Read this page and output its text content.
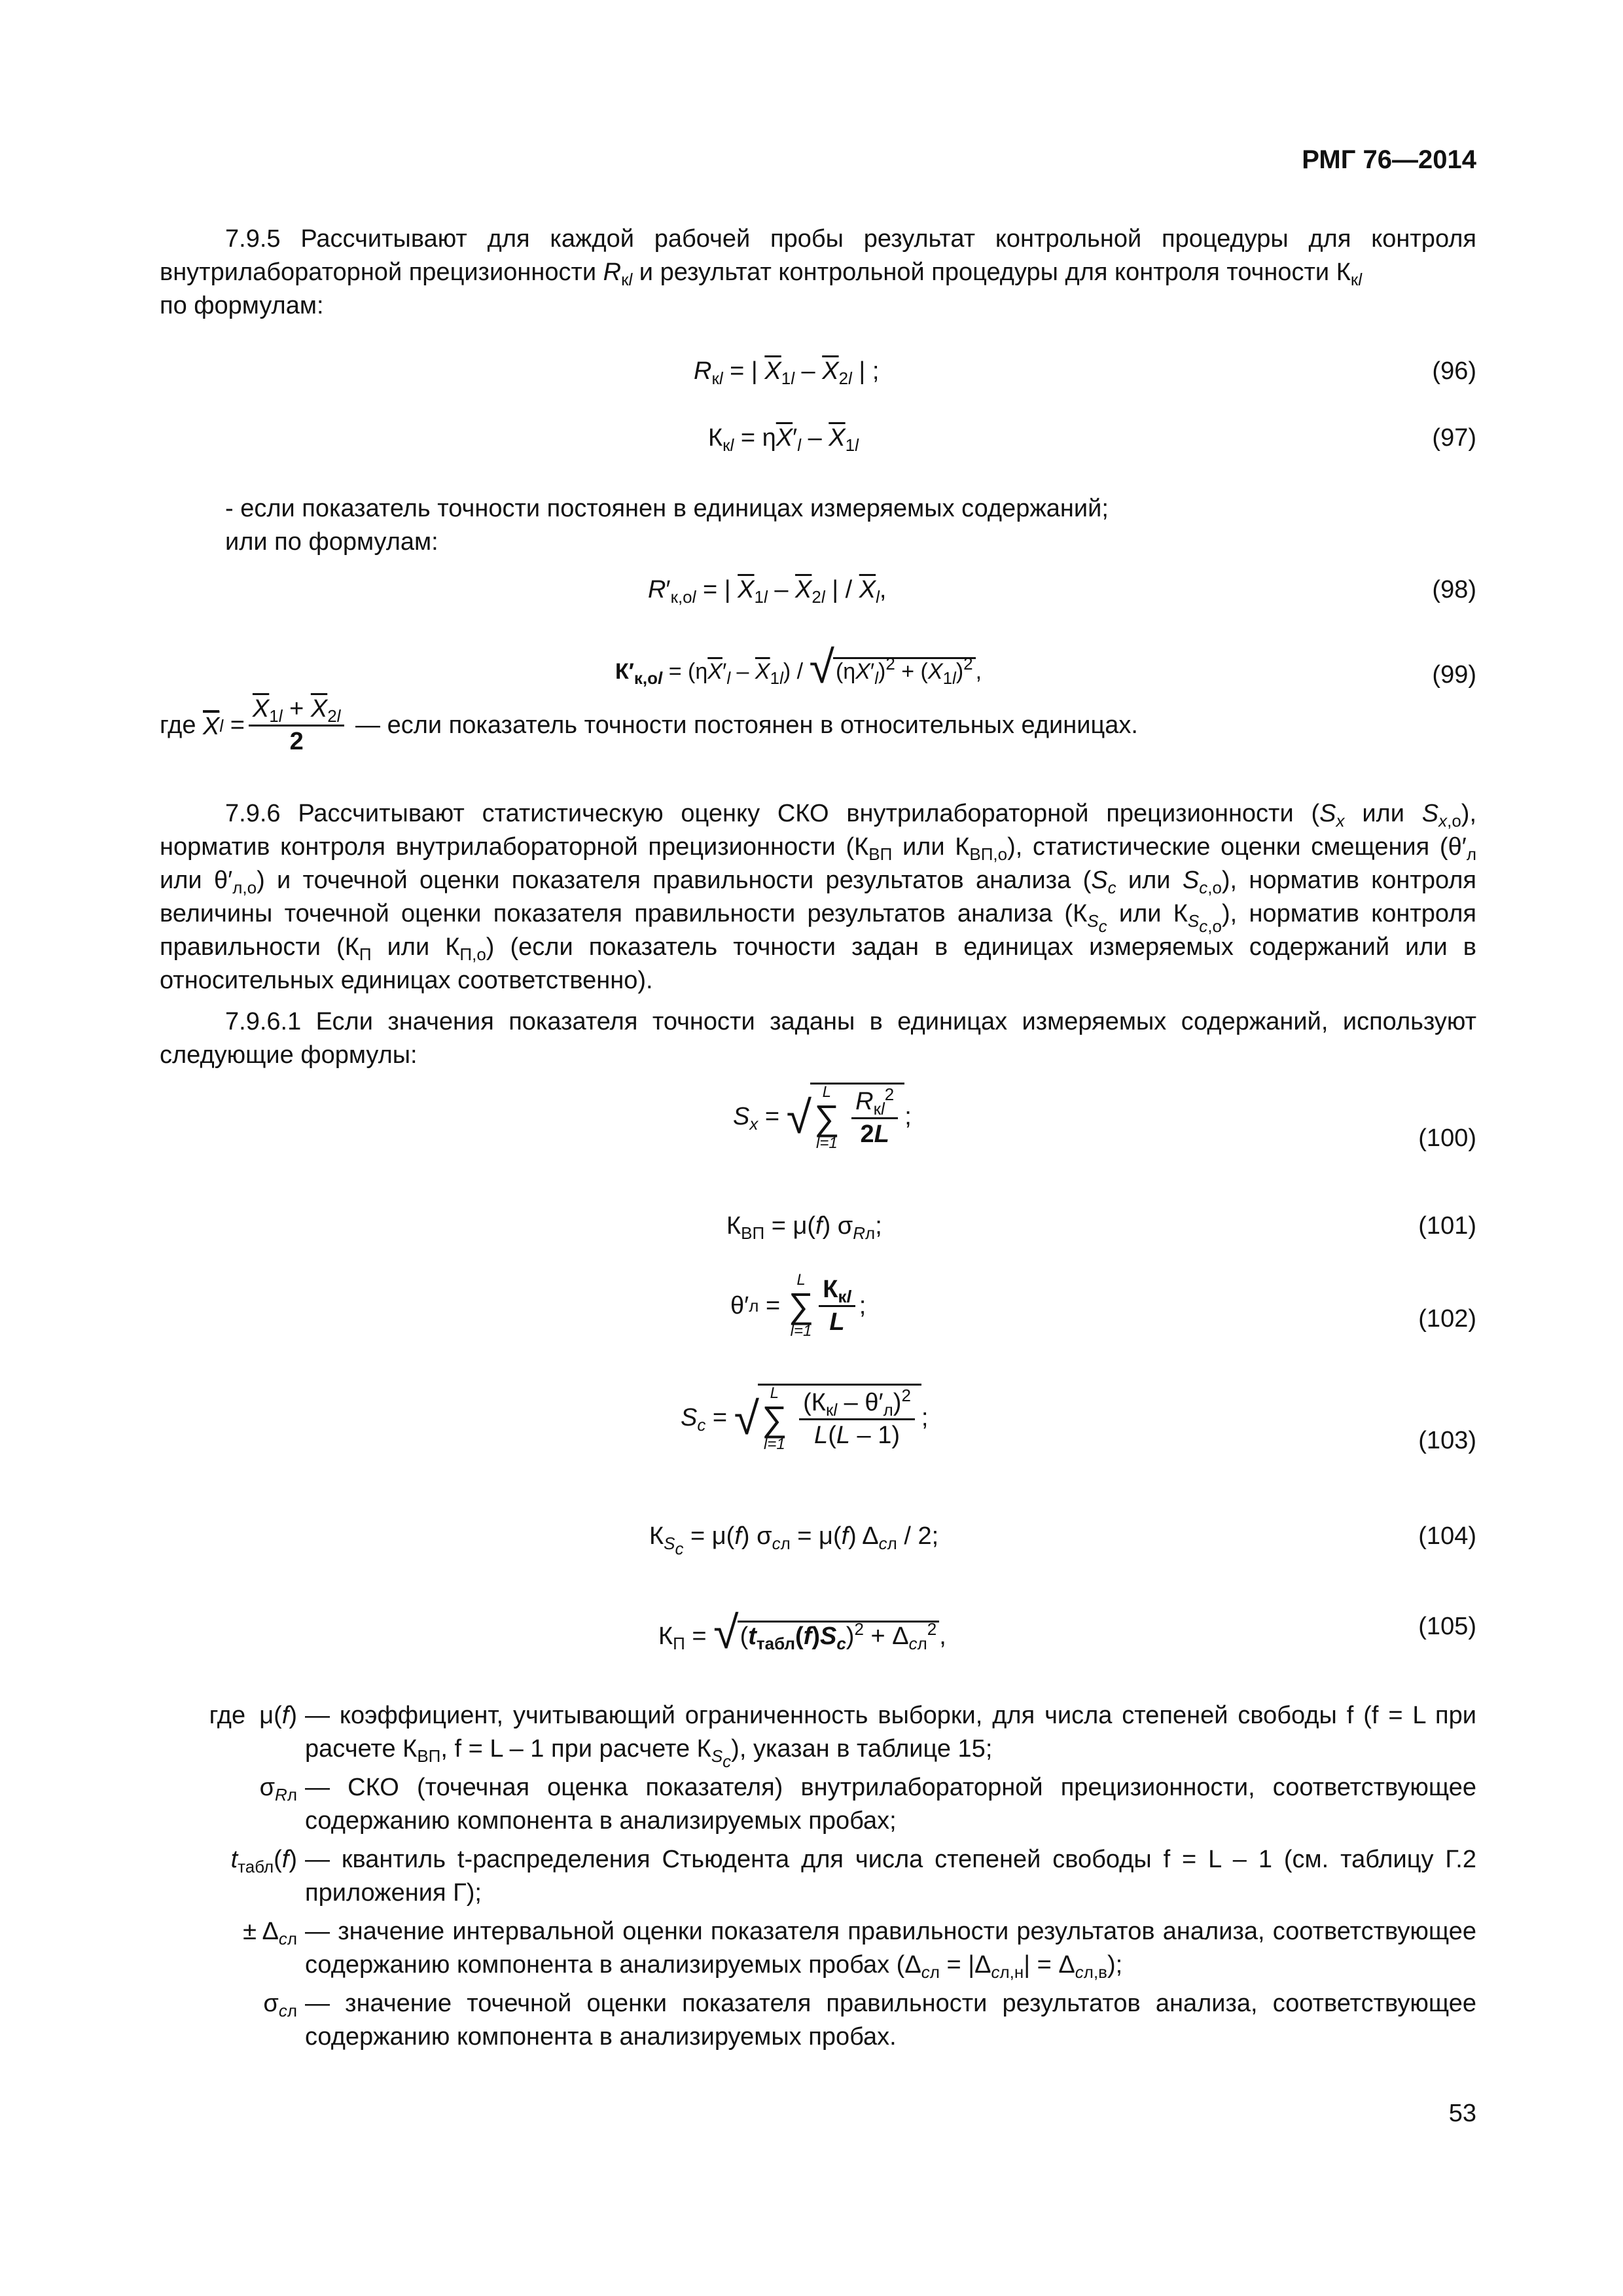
РМГ 76—2014
7.9.5 Рассчитывают для каждой рабочей пробы результат контрольной процедуры для контроля внутрилабораторной прецизионности $R_{кl}$ и результат контрольной процедуры для контроля точности $К_{кl}$
по формулам:
$R_{кl}$ = | $\overline{X}_{1l} - \overline{X}_{2l}$ | ;	(96)
$К_{кl} = \eta\overline{X}'_l - \overline{X}_{1l}$	(97)
- если показатель точности постоянен в единицах измеряемых содержаний;
или по формулам:
$R'_{к,оl}$ = | $\overline{X}_{1l} - \overline{X}_{2l}$ | / $\overline{X}_l$,	(98)
$К'_{к,оl} = (\eta\overline{X}'_l - \overline{X}_{1l}) / √(\eta\overline{X}'_l)^2 + (\overline{X}_{1l})^2$ ,	(99)
где
$\overline{X}$ $l = \frac{\overline{X}_{1l} + \overline{X}_{2l}}{2}$
— если показатель точности постоянен в относительных единицах.
7.9.6 Рассчитывают статистическую оценку СКО внутрилабораторной прецизионности ($S_x$ или $S_{x,о}$), норматив контроля внутрилабораторной прецизионности ($К_{ВП}$ или $К_{ВП,о}$), статистические оценки смещения ($\theta'_л$ или $\theta'_{л,о}$) и точечной оценки показателя правильности результатов анализа ($S_c$ или $S_{c,о}$), норматив контроля величины точечной оценки показателя правильности результатов анализа ($К_{S_c}$ или $К_{S_{c,о}}$), норматив контроля правильности ($К_П$ или $К_{П,о}$) (если показатель точности задан в единицах измеряемых содержаний или в относительных единицах соответственно).
7.9.6.1 Если значения показателя точности заданы в единицах измеряемых содержаний, используют следующие формулы:
$S_x$ = √ L
∑
l=1
$\frac{R_{кl}^2}{2L}$ ;
(100)
$К_{ВП} = \mu(f)$ $\sigma_{Rл}$;	(101)
θ′ л =
L
∑
$l=1 \frac{К_{кl}}{L}$ ;	(102)
$S_c$ = √ L
∑
l=1
$\frac{(К_{кl} - \theta'_л)^2}{L(L - 1)}$ ;
(103)
$К_{S_c} = \mu(f) \sigma_{cл} = \mu(f)$ $\Delta_{cл} / 2$;	(104)
$К_П = √(t_{табл}(f)S_c)^2 + \Delta_{cл}^2$ ,	(105)
где  μ(f) — коэффициент, учитывающий ограниченность выборки, для числа степеней свободы f (f = L при расчете $К_{ВП}$, f = L – 1 при расчете $К_{S_c}$), указан в таблице 15;
$\sigma_{Rл}$ — СКО (точечная оценка показателя) внутрилабораторной прецизионности, соответствующее содержанию компонента в анализируемых пробах;
$t_{табл}(f)$ — квантиль t-распределения Стьюдента для числа степеней свободы f = L – 1 (см. таблицу Г.2 приложения Г);
± $\Delta_{cл}$ — значение интервальной оценки показателя правильности результатов анализа, соответствующее содержанию компонента в анализируемых пробах $(\Delta_{cл} = |\Delta_{cл,н}| = \Delta_{cл,в})$;
$\sigma_{cл}$ — значение точечной оценки показателя правильности результатов анализа, соответствующее содержанию компонента в анализируемых пробах.
53
